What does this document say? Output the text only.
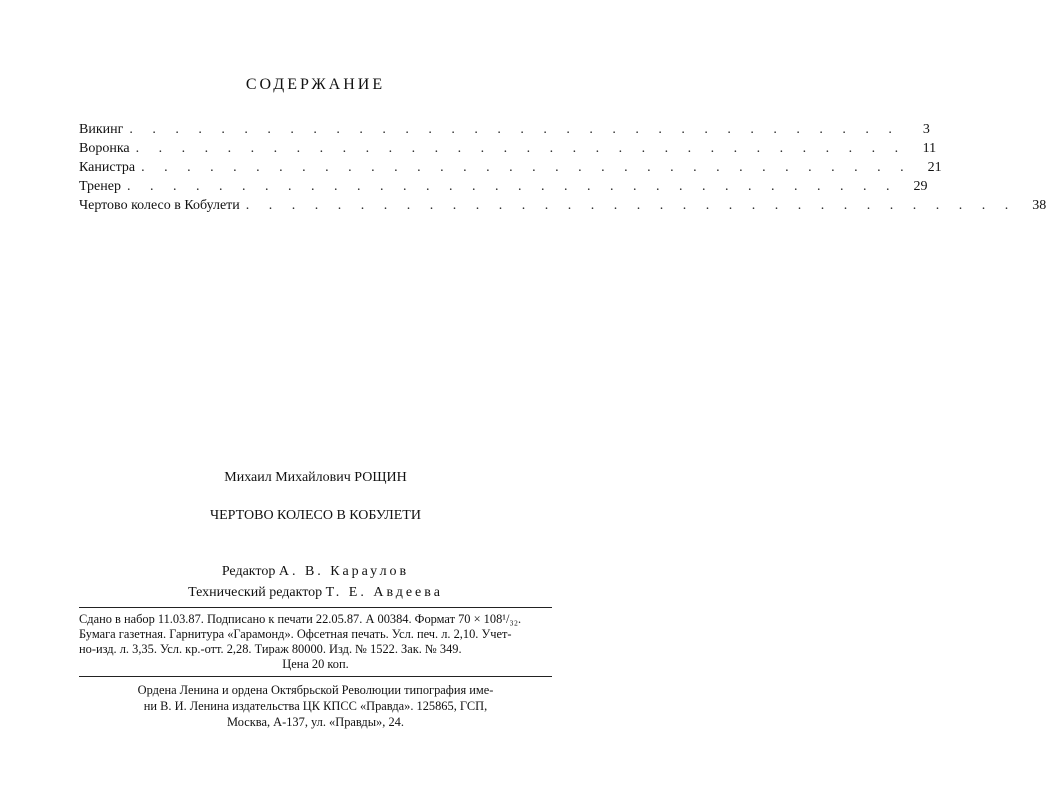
СОДЕРЖАНИЕ
Викинг . . . . . . . . . . . . . . . . . . . . . . . . . . . . . . . . . .	3
Воронка . . . . . . . . . . . . . . . . . . . . . . . . . . . . . . . . . .	11
Канистра . . . . . . . . . . . . . . . . . . . . . . . . . . . . . . . . . .	21
Тренер . . . . . . . . . . . . . . . . . . . . . . . . . . . . . . . . . .	29
Чертово колесо в Кобулети . . . . . . . . . . . . . . . . . . . . . . . . . . . . . . . . . .	38
Михаил Михайлович РОЩИН
ЧЕРТОВО КОЛЕСО В КОБУЛЕТИ
Редактор А. В. Караулов
Технический редактор Т. Е. Авдеева
Сдано в набор 11.03.87. Подписано к печати 22.05.87. А 00384. Формат 70 × 108¹/₃₂.
Бумага газетная. Гарнитура «Гарамонд». Офсетная печать. Усл. печ. л. 2,10. Учет-
но-изд. л. 3,35. Усл. кр.-отт. 2,28. Тираж 80000. Изд. № 1522. Зак. № 349.
Цена 20 коп.
Ордена Ленина и ордена Октябрьской Революции типография име-
ни В. И. Ленина издательства ЦК КПСС «Правда». 125865, ГСП,
Москва, А-137, ул. «Правды», 24.
